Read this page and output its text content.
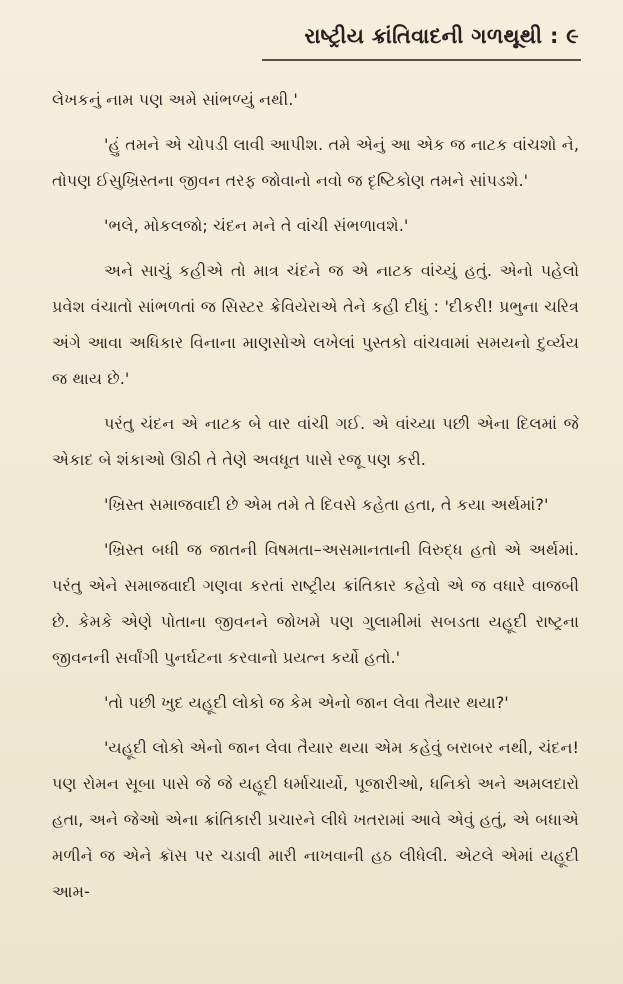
રાષ્ટ્રીય ક્રાંતિવાદની ગળથૂથી : ૯

લેખકનું નામ પણ અમે સાંભળ્યું નથી.'

'હું તમને એ ચોપડી લાવી આપીશ. તમે એનું આ એક જ નાટક વાંચશો ને, તોપણ ઈસુખ્રિસ્તના જીવન તરફ જોવાનો નવો જ દૃષ્ટિકોણ તમને સાંપડશે.'

'ભલે, મોકલજો; ચંદન મને તે વાંચી સંભળાવશે.'

અને સાચું કહીએ તો માત્ર ચંદને જ એ નાટક વાંચ્યું હતું. એનો પહેલો પ્રવેશ વંચાતો સાંભળતાં જ સિસ્ટર ક્રેવિયેરાએ તેને કહી દીધું : 'દીકરી! પ્રભુના ચરિત્ર અંગે આવા અધિકાર વિનાના માણસોએ લખેલાં પુસ્તકો વાંચવામાં સમયનો દુર્વ્યય જ થાય છે.'

પરંતુ ચંદન એ નાટક બે વાર વાંચી ગઈ. એ વાંચ્યા પછી એના દિલમાં જે એકાદ બે શંકાઓ ઊઠી તે તેણે અવધૂત પાસે રજૂ પણ કરી.

'ખ્રિસ્ત સમાજવાદી છે એમ તમે તે દિવસે કહેતા હતા, તે કયા અર્થમાં?'

'ખ્રિસ્ત બધી જ જાતની વિષમતા–અસમાનતાની વિરુદ્ધ હતો એ અર્થમાં. પરંતુ એને સમાજવાદી ગણવા કરતાં રાષ્ટ્રીય ક્રાંતિકાર કહેવો એ જ વધારે વાજબી છે. કેમકે એણે પોતાના જીવનને જોખમે પણ ગુલામીમાં સબડતા યહૂદી રાષ્ટ્રના જીવનની સર્વાંગી પુનર્ઘટના કરવાનો પ્રયત્ન કર્યો હતો.'

'તો પછી ખુદ યહૂદી લોકો જ કેમ એનો જાન લેવા તૈયાર થયા?'

'યહૂદી લોકો એનો જાન લેવા તૈયાર થયા એમ કહેવું બરાબર નથી, ચંદન! પણ રોમન સૂબા પાસે જે જે યહૂદી ધર્માચાર્યો, પૂજારીઓ, ધનિકો અને અમલદારો હતા, અને જેઓ એના ક્રાંતિકારી પ્રચારને લીધે ખતરામાં આવે એવું હતું, એ બધાએ મળીને જ એને ક્રૉસ પર ચડાવી મારી નાખવાની હઠ લીધેલી. એટલે એમાં યહૂદી આમ-
